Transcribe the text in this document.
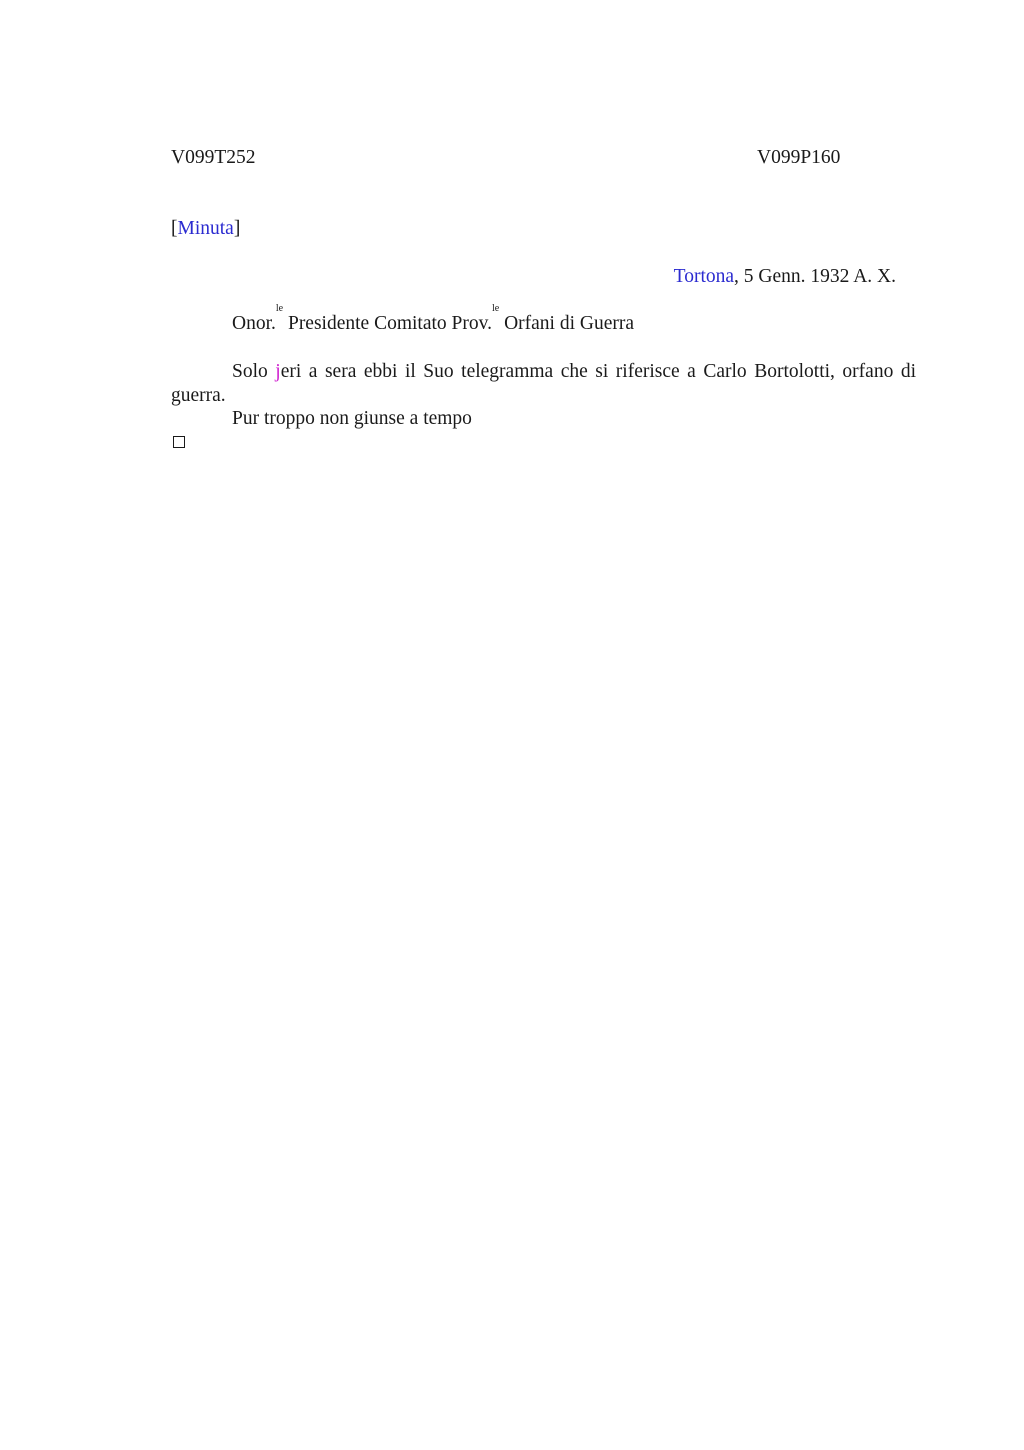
V099T252	V099P160
[Minuta]
Tortona, 5 Genn. 1932 A. X.
Onor.$^{le}$ Presidente Comitato Prov.$^{le}$ Orfani di Guerra
Solo jeri a sera ebbi il Suo telegramma che si riferisce a Carlo Bortolotti, orfano di guerra.
Pur troppo non giunse a tempo
